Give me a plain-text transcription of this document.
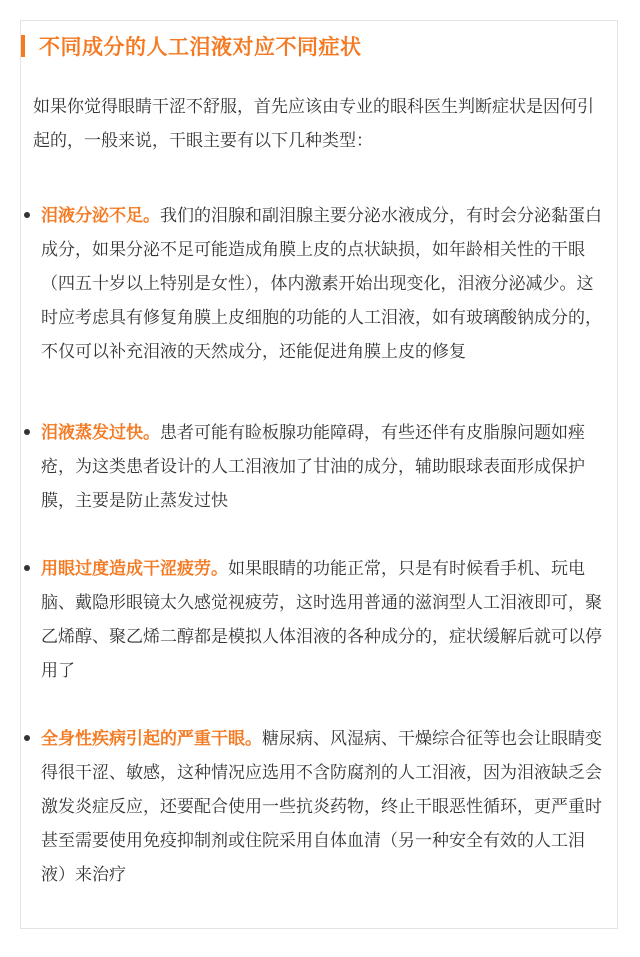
不同成分的人工泪液对应不同症状

如果你觉得眼睛干涩不舒服，首先应该由专业的眼科医生判断症状是因何引起的，一般来说，干眼主要有以下几种类型：

泪液分泌不足。我们的泪腺和副泪腺主要分泌水液成分，有时会分泌黏蛋白成分，如果分泌不足可能造成角膜上皮的点状缺损，如年龄相关性的干眼（四五十岁以上特别是女性），体内激素开始出现变化，泪液分泌减少。这时应考虑具有修复角膜上皮细胞的功能的人工泪液，如有玻璃酸钠成分的，不仅可以补充泪液的天然成分，还能促进角膜上皮的修复

泪液蒸发过快。患者可能有睑板腺功能障碍，有些还伴有皮脂腺问题如痤疮，为这类患者设计的人工泪液加了甘油的成分，辅助眼球表面形成保护膜，主要是防止蒸发过快

用眼过度造成干涩疲劳。如果眼睛的功能正常，只是有时候看手机、玩电脑、戴隐形眼镜太久感觉视疲劳，这时选用普通的滋润型人工泪液即可，聚乙烯醇、聚乙烯二醇都是模拟人体泪液的各种成分的，症状缓解后就可以停用了

全身性疾病引起的严重干眼。糖尿病、风湿病、干燥综合征等也会让眼睛变得很干涩、敏感，这种情况应选用不含防腐剂的人工泪液，因为泪液缺乏会激发炎症反应，还要配合使用一些抗炎药物，终止干眼恶性循环，更严重时甚至需要使用免疫抑制剂或住院采用自体血清（另一种安全有效的人工泪液）来治疗
